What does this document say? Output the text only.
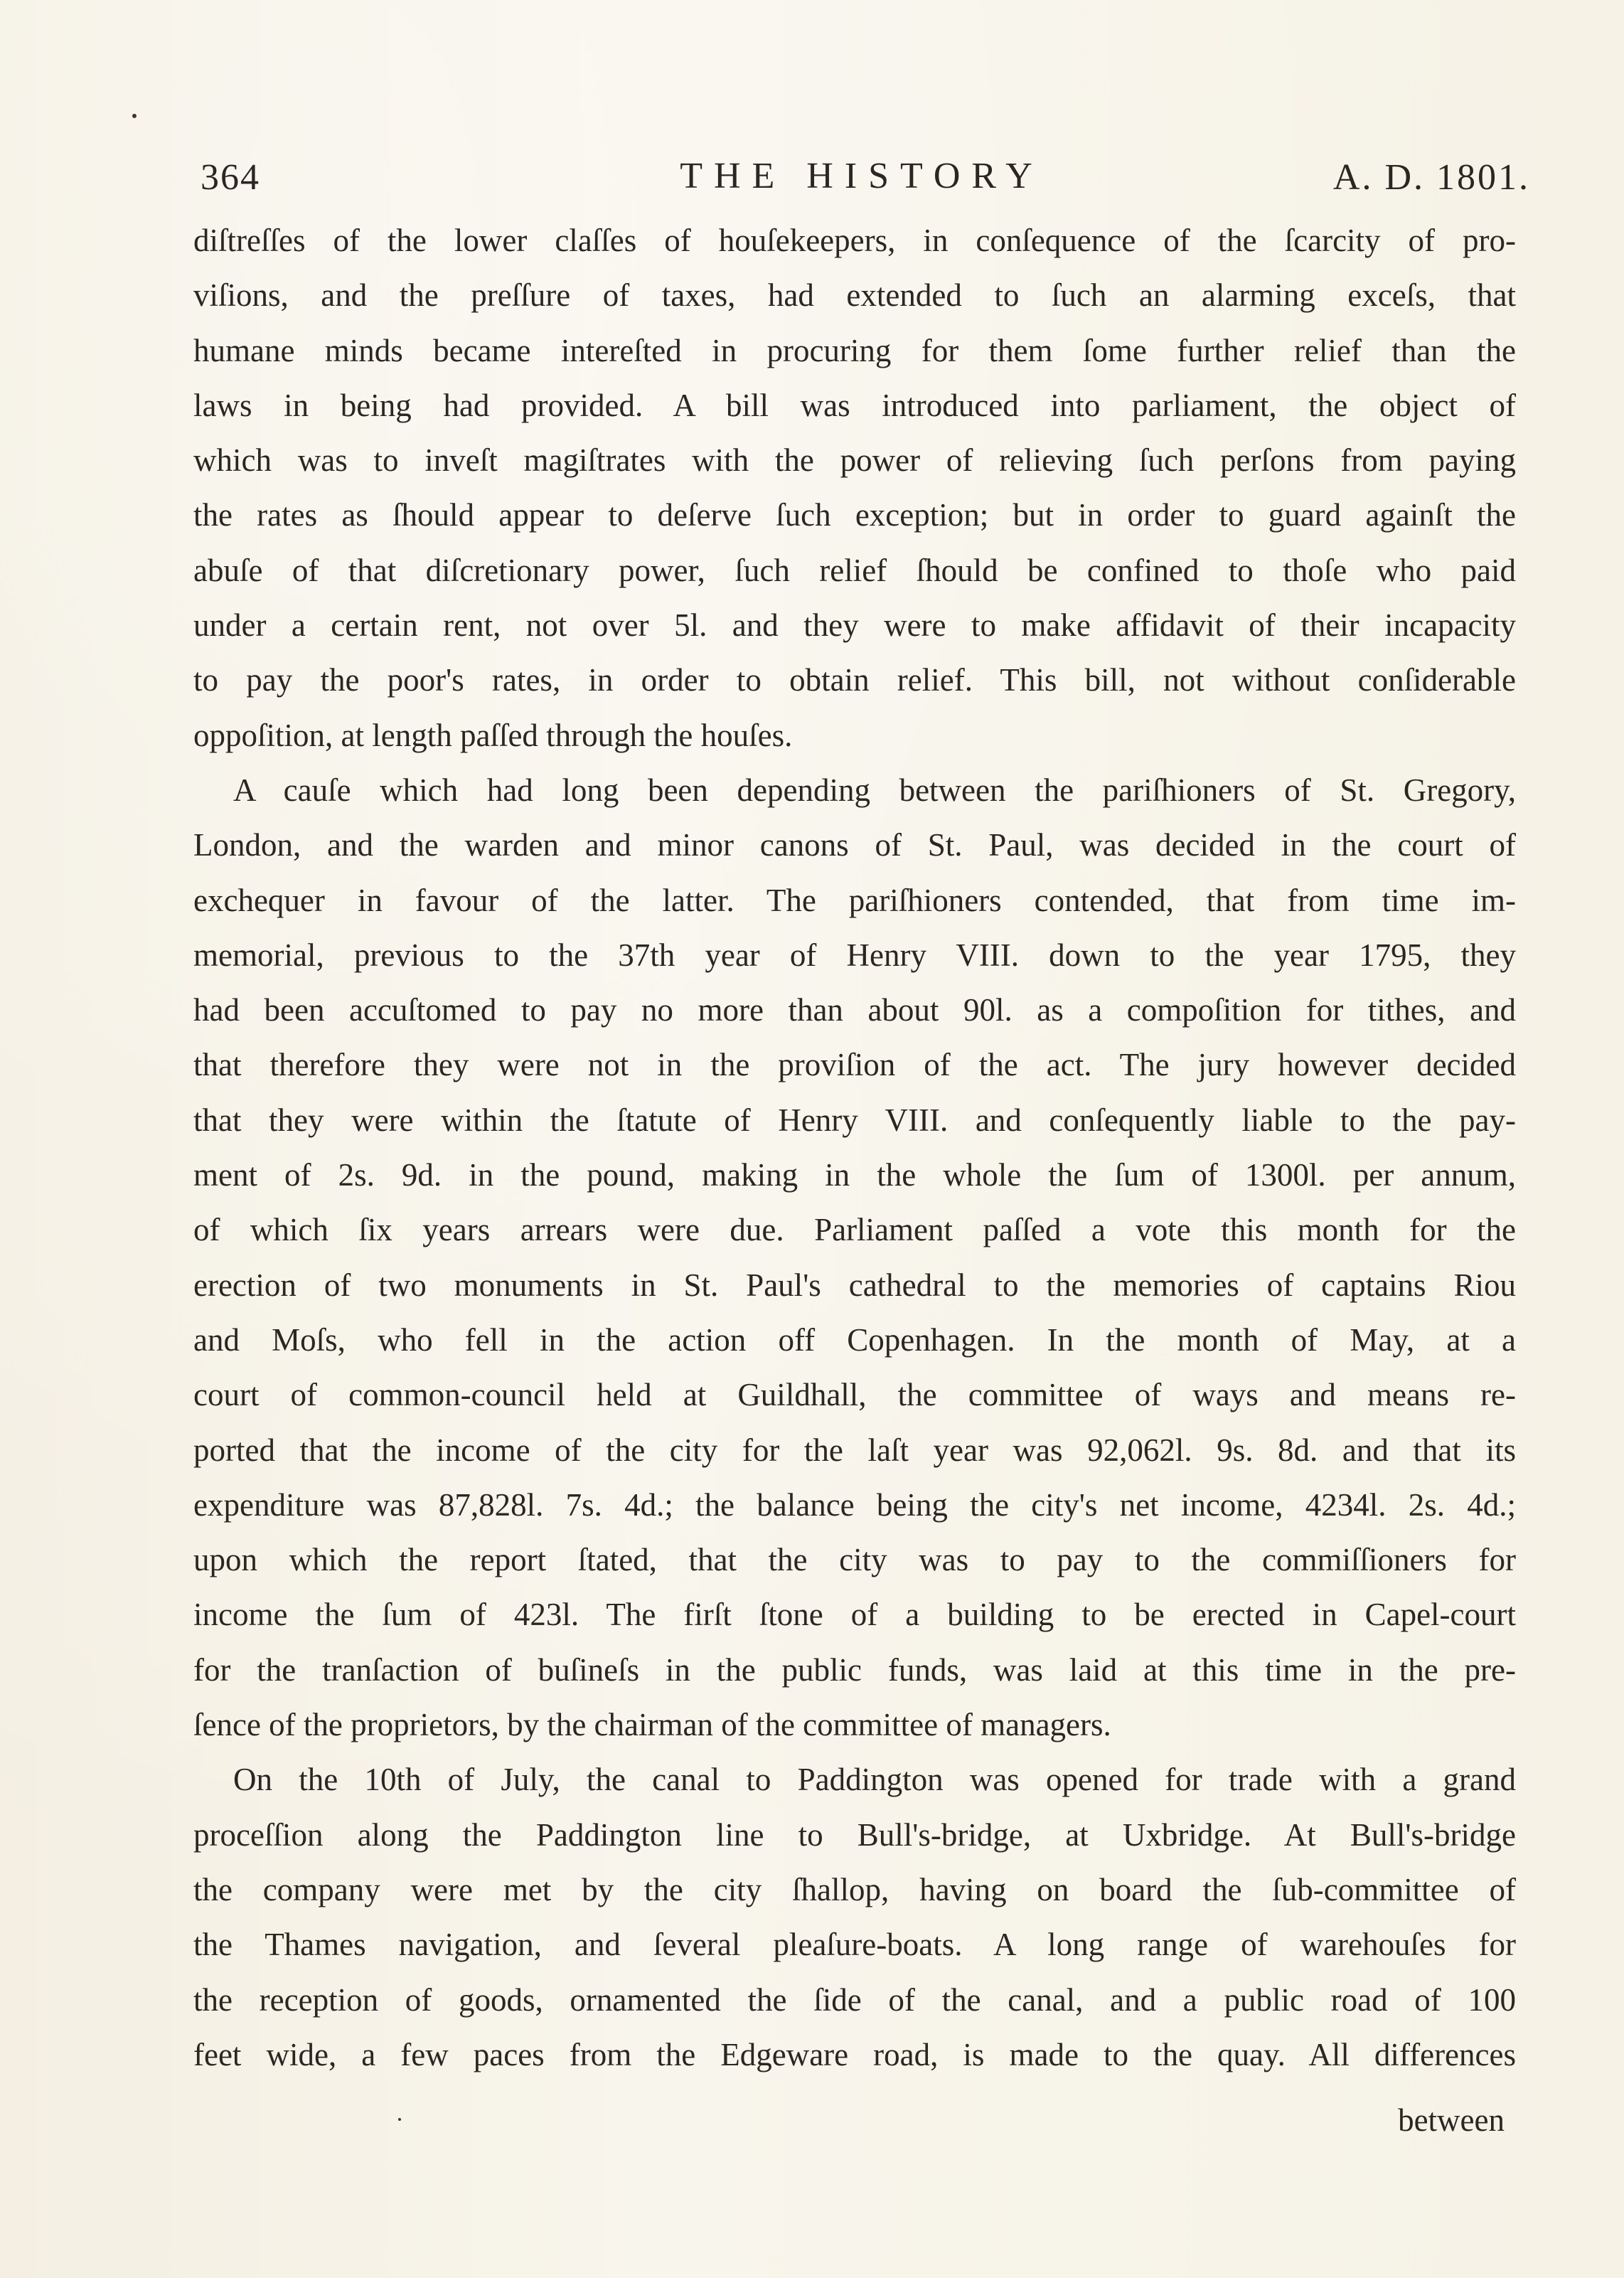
364	THE HISTORY	A. D. 1801.
diſtreſſes of the lower claſſes of houſekeepers, in conſequence of the ſcarcity of pro-
viſions, and the preſſure of taxes, had extended to ſuch an alarming exceſs, that
humane minds became intereſted in procuring for them ſome further relief than the
laws in being had provided. A bill was introduced into parliament, the object of
which was to inveſt magiſtrates with the power of relieving ſuch perſons from paying
the rates as ſhould appear to deſerve ſuch exception; but in order to guard againſt the
abuſe of that diſcretionary power, ſuch relief ſhould be confined to thoſe who paid
under a certain rent, not over 5l. and they were to make affidavit of their incapacity
to pay the poor's rates, in order to obtain relief. This bill, not without conſiderable
oppoſition, at length paſſed through the houſes.
A cauſe which had long been depending between the pariſhioners of St. Gregory,
London, and the warden and minor canons of St. Paul, was decided in the court of
exchequer in favour of the latter. The pariſhioners contended, that from time im-
memorial, previous to the 37th year of Henry VIII. down to the year 1795, they
had been accuſtomed to pay no more than about 90l. as a compoſition for tithes, and
that therefore they were not in the proviſion of the act. The jury however decided
that they were within the ſtatute of Henry VIII. and conſequently liable to the pay-
ment of 2s. 9d. in the pound, making in the whole the ſum of 1300l. per annum,
of which ſix years arrears were due. Parliament paſſed a vote this month for the
erection of two monuments in St. Paul's cathedral to the memories of captains Riou
and Moſs, who fell in the action off Copenhagen. In the month of May, at a
court of common-council held at Guildhall, the committee of ways and means re-
ported that the income of the city for the laſt year was 92,062l. 9s. 8d. and that its
expenditure was 87,828l. 7s. 4d.; the balance being the city's net income, 4234l. 2s. 4d.;
upon which the report ſtated, that the city was to pay to the commiſſioners for
income the ſum of 423l. The firſt ſtone of a building to be erected in Capel-court
for the tranſaction of buſineſs in the public funds, was laid at this time in the pre-
ſence of the proprietors, by the chairman of the committee of managers.
On the 10th of July, the canal to Paddington was opened for trade with a grand
proceſſion along the Paddington line to Bull's-bridge, at Uxbridge. At Bull's-bridge
the company were met by the city ſhallop, having on board the ſub-committee of
the Thames navigation, and ſeveral pleaſure-boats. A long range of warehouſes for
the reception of goods, ornamented the ſide of the canal, and a public road of 100
feet wide, a few paces from the Edgeware road, is made to the quay. All differences
between
